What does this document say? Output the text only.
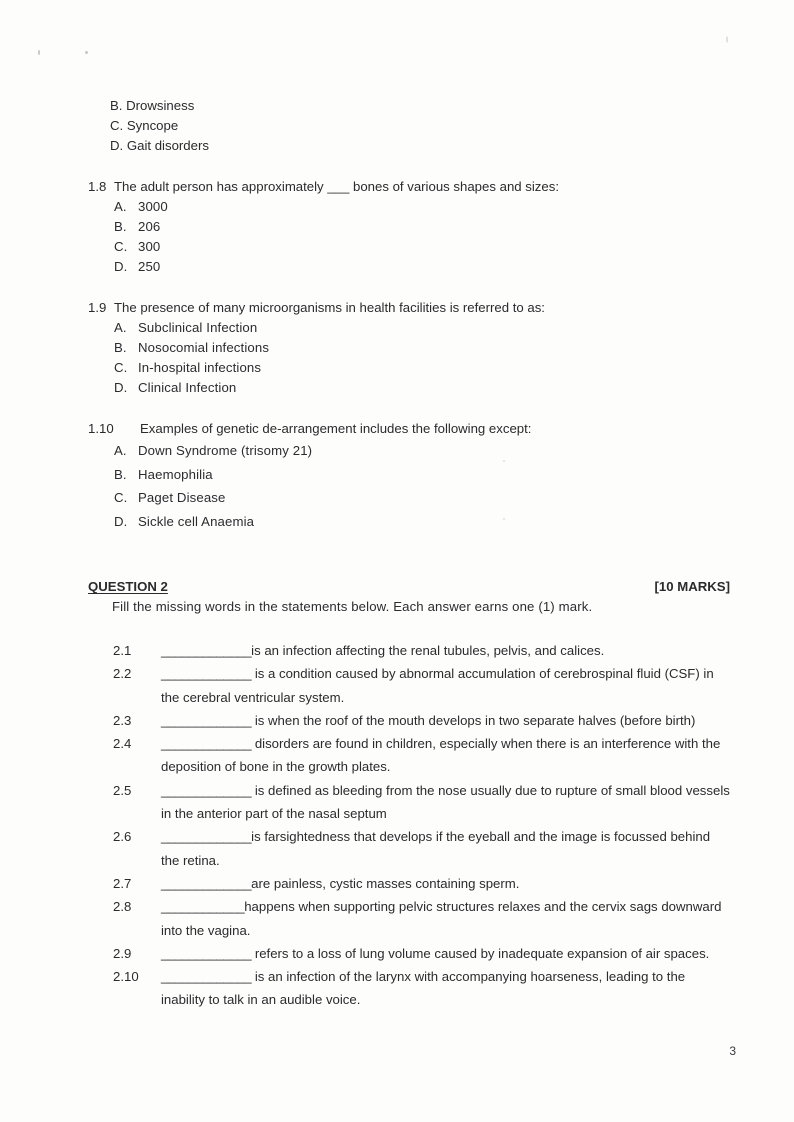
B. Drowsiness
C. Syncope
D. Gait disorders
1.8 The adult person has approximately ___ bones of various shapes and sizes:
A. 3000
B. 206
C. 300
D. 250
1.9 The presence of many microorganisms in health facilities is referred to as:
A. Subclinical Infection
B. Nosocomial infections
C. In-hospital infections
D. Clinical Infection
1.10	Examples of genetic de-arrangement includes the following except:
A. Down Syndrome (trisomy 21)
B. Haemophilia
C. Paget Disease
D. Sickle cell Anaemia
QUESTION 2	[10 MARKS]
Fill the missing words in the statements below. Each answer earns one (1) mark.
2.1	_____________is an infection affecting the renal tubules, pelvis, and calices.
2.2	_____________ is a condition caused by abnormal accumulation of cerebrospinal fluid (CSF) in the cerebral ventricular system.
2.3	_____________ is when the roof of the mouth develops in two separate halves (before birth)
2.4	_____________ disorders are found in children, especially when there is an interference with the deposition of bone in the growth plates.
2.5	_____________ is defined as bleeding from the nose usually due to rupture of small blood vessels in the anterior part of the nasal septum
2.6	_____________is farsightedness that develops if the eyeball and the image is focussed behind the retina.
2.7	_____________are painless, cystic masses containing sperm.
2.8	____________happens when supporting pelvic structures relaxes and the cervix sags downward into the vagina.
2.9	_____________ refers to a loss of lung volume caused by inadequate expansion of air spaces.
2.10	_____________ is an infection of the larynx with accompanying hoarseness, leading to the inability to talk in an audible voice.
3
